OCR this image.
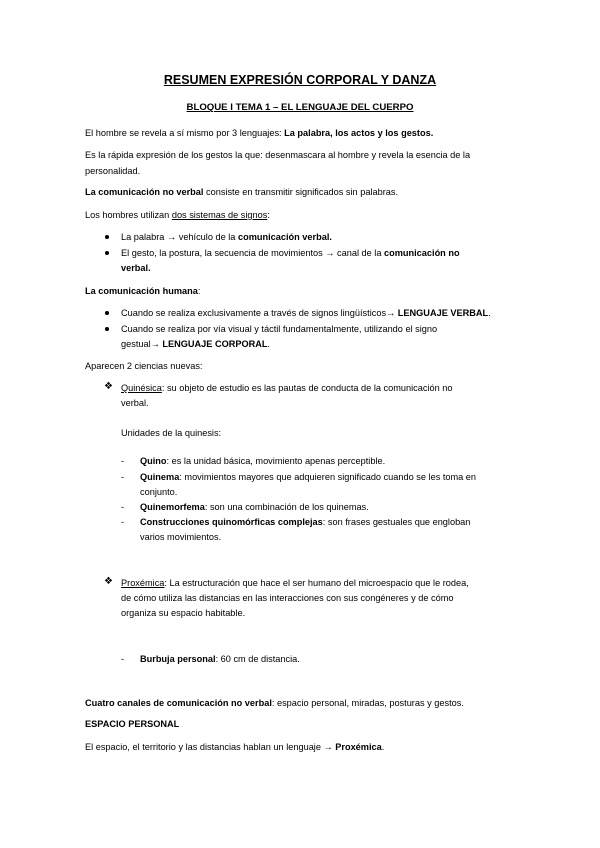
RESUMEN EXPRESIÓN CORPORAL Y DANZA
BLOQUE I TEMA 1 – EL LENGUAJE DEL CUERPO
El hombre se revela a sí mismo por 3 lenguajes: La palabra, los actos y los gestos.
Es la rápida expresión de los gestos la que: desenmascara al hombre y revela la esencia de la
personalidad.
La comunicación no verbal consiste en transmitir significados sin palabras.
Los hombres utilizan dos sistemas de signos:
La palabra → vehículo de la comunicación verbal.
El gesto, la postura, la secuencia de movimientos → canal de la comunicación no
verbal.
La comunicación humana:
Cuando se realiza exclusivamente a través de signos lingüísticos→ LENGUAJE VERBAL.
Cuando se realiza por vía visual y táctil fundamentalmente, utilizando el signo
gestual→ LENGUAJE CORPORAL.
Aparecen 2 ciencias nuevas:
❖ Quinésica: su objeto de estudio es las pautas de conducta de la comunicación no
verbal.
Unidades de la quinesis:
- Quino: es la unidad básica, movimiento apenas perceptible.
- Quinema: movimientos mayores que adquieren significado cuando se les toma en
conjunto.
- Quinemorfema: son una combinación de los quinemas.
- Construcciones quinomórficas complejas: son frases gestuales que engloban
varios movimientos.
❖ Proxémica: La estructuración que hace el ser humano del microespacio que le rodea,
de cómo utiliza las distancias en las interacciones con sus congéneres y de cómo
organiza su espacio habitable.
- Burbuja personal: 60 cm de distancia.
Cuatro canales de comunicación no verbal: espacio personal, miradas, posturas y gestos.
ESPACIO PERSONAL
El espacio, el territorio y las distancias hablan un lenguaje → Proxémica.
